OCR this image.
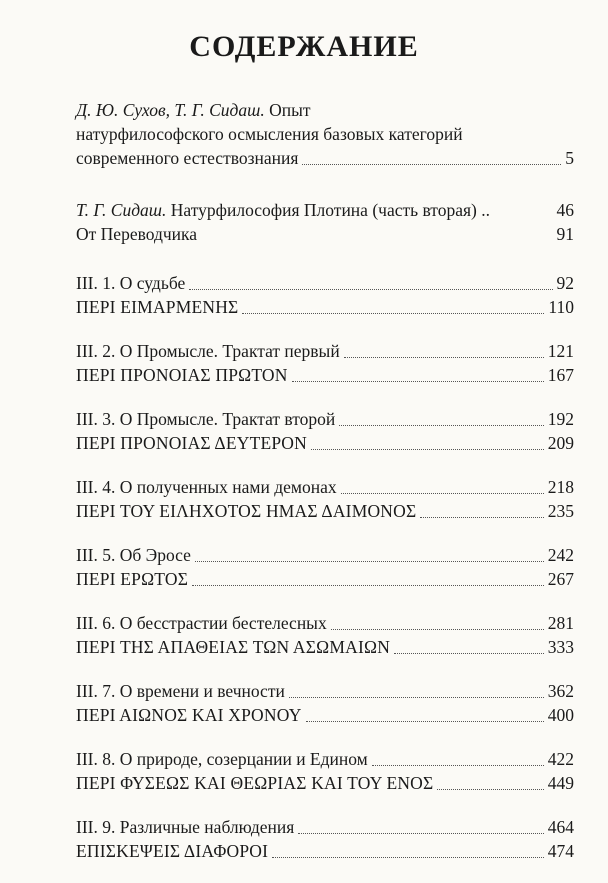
СОДЕРЖАНИЕ
Д. Ю. Сухов, Т. Г. Сидаш. Опыт
натурфилософского осмысления базовых категорий
современного естествознания	5
Т. Г. Сидаш. Натурфилософия Плотина (часть вторая) ..	46
От Переводчика	91
III. 1. О судьбе	92
ΠΕΡΙ ΕΙΜΑΡΜΕΝΗΣ	110
III. 2. О Промысле. Трактат первый	121
ΠΕΡΙ ΠΡΟΝΟΙΑΣ ΠΡΩΤΟΝ	167
III. 3. О Промысле. Трактат второй	192
ΠΕΡΙ ΠΡΟΝΟΙΑΣ ΔΕΥΤΕΡΟΝ	209
III. 4. О полученных нами демонах	218
ΠΕΡΙ ΤΟΥ ΕΙΛΗΧΟΤΟΣ ΗΜΑΣ ΔΑΙΜΟΝΟΣ	235
III. 5. Об Эросе	242
ΠΕΡΙ ΕΡΩΤΟΣ	267
III. 6. О бесстрастии бестелесных	281
ΠΕΡΙ ΤΗΣ ΑΠΑΘΕΙΑΣ ΤΩΝ ΑΣΩΜΑΙΩΝ	333
III. 7. О времени и вечности	362
ΠΕΡΙ ΑΙΩΝΟΣ ΚΑΙ ΧΡΟΝΟΥ	400
III. 8. О природе, созерцании и Едином	422
ΠΕΡΙ ΦΥΣΕΩΣ ΚΑΙ ΘΕΩΡΙΑΣ ΚΑΙ ΤΟΥ ΕΝΟΣ	449
III. 9. Различные наблюдения	464
ΕΠΙΣΚΕΨΕΙΣ ΔΙΑΦΟΡΟΙ	474
